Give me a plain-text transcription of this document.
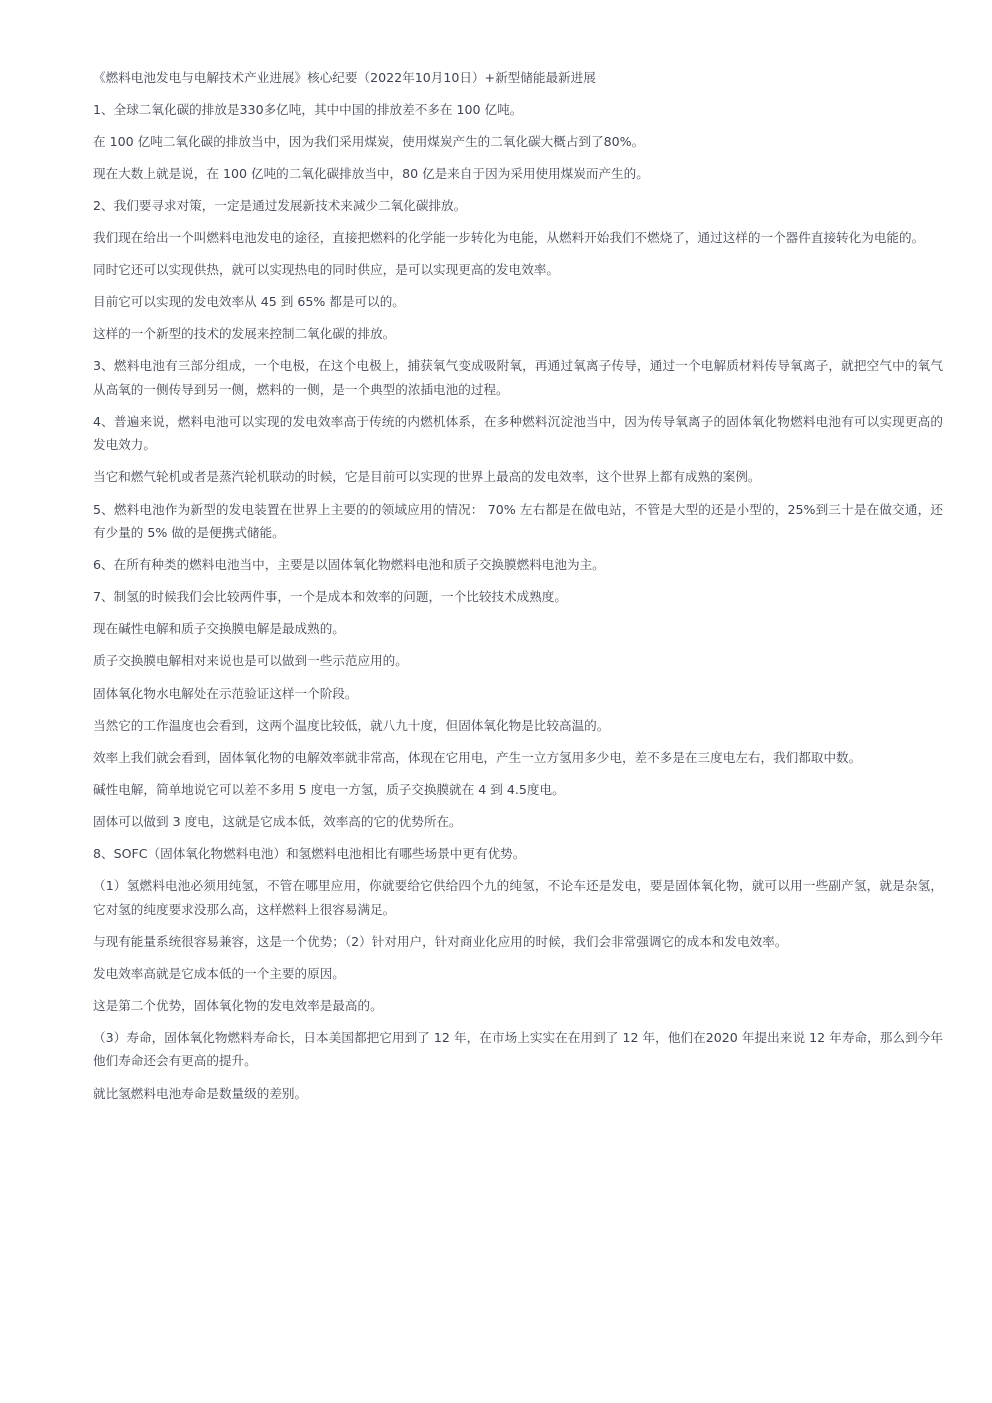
《燃料电池发电与电解技术产业进展》核心纪要（2022年10月10日）+新型储能最新进展

1、全球二氧化碳的排放是330多亿吨，其中中国的排放差不多在 100 亿吨。

在 100 亿吨二氧化碳的排放当中，因为我们采用煤炭，使用煤炭产生的二氧化碳大概占到了80%。

现在大数上就是说，在 100 亿吨的二氧化碳排放当中，80 亿是来自于因为采用使用煤炭而产生的。

2、我们要寻求对策，一定是通过发展新技术来减少二氧化碳排放。

我们现在给出一个叫燃料电池发电的途径，直接把燃料的化学能一步转化为电能，从燃料开始我们不燃烧了，通过这样的一个器件直接转化为电能的。

同时它还可以实现供热，就可以实现热电的同时供应，是可以实现更高的发电效率。

目前它可以实现的发电效率从 45 到 65% 都是可以的。

这样的一个新型的技术的发展来控制二氧化碳的排放。

3、燃料电池有三部分组成，一个电极，在这个电极上，捕获氧气变成吸附氧，再通过氧离子传导，通过一个电解质材料传导氧离子，就把空气中的氧气从高氧的一侧传导到另一侧，燃料的一侧，是一个典型的浓插电池的过程。

4、普遍来说，燃料电池可以实现的发电效率高于传统的内燃机体系，在多种燃料沉淀池当中，因为传导氧离子的固体氧化物燃料电池有可以实现更高的发电效力。

当它和燃气轮机或者是蒸汽轮机联动的时候，它是目前可以实现的世界上最高的发电效率，这个世界上都有成熟的案例。

5、燃料电池作为新型的发电装置在世界上主要的的领域应用的情况： 70% 左右都是在做电站，不管是大型的还是小型的，25%到三十是在做交通，还有少量的 5% 做的是便携式储能。

6、在所有种类的燃料电池当中，主要是以固体氧化物燃料电池和质子交换膜燃料电池为主。

7、制氢的时候我们会比较两件事，一个是成本和效率的问题，一个比较技术成熟度。

现在碱性电解和质子交换膜电解是最成熟的。

质子交换膜电解相对来说也是可以做到一些示范应用的。

固体氧化物水电解处在示范验证这样一个阶段。

当然它的工作温度也会看到，这两个温度比较低，就八九十度，但固体氧化物是比较高温的。

效率上我们就会看到，固体氧化物的电解效率就非常高，体现在它用电，产生一立方氢用多少电，差不多是在三度电左右，我们都取中数。

碱性电解，简单地说它可以差不多用 5 度电一方氢，质子交换膜就在 4 到 4.5度电。

固体可以做到 3 度电，这就是它成本低，效率高的它的优势所在。

8、SOFC（固体氧化物燃料电池）和氢燃料电池相比有哪些场景中更有优势。

（1）氢燃料电池必须用纯氢，不管在哪里应用，你就要给它供给四个九的纯氢，不论车还是发电，要是固体氧化物，就可以用一些副产氢，就是杂氢，它对氢的纯度要求没那么高，这样燃料上很容易满足。

与现有能量系统很容易兼容，这是一个优势；（2）针对用户，针对商业化应用的时候，我们会非常强调它的成本和发电效率。

发电效率高就是它成本低的一个主要的原因。

这是第二个优势，固体氧化物的发电效率是最高的。

（3）寿命，固体氧化物燃料寿命长，日本美国都把它用到了 12 年，在市场上实实在在用到了 12 年，他们在2020 年提出来说 12 年寿命，那么到今年他们寿命还会有更高的提升。

就比氢燃料电池寿命是数量级的差别。
